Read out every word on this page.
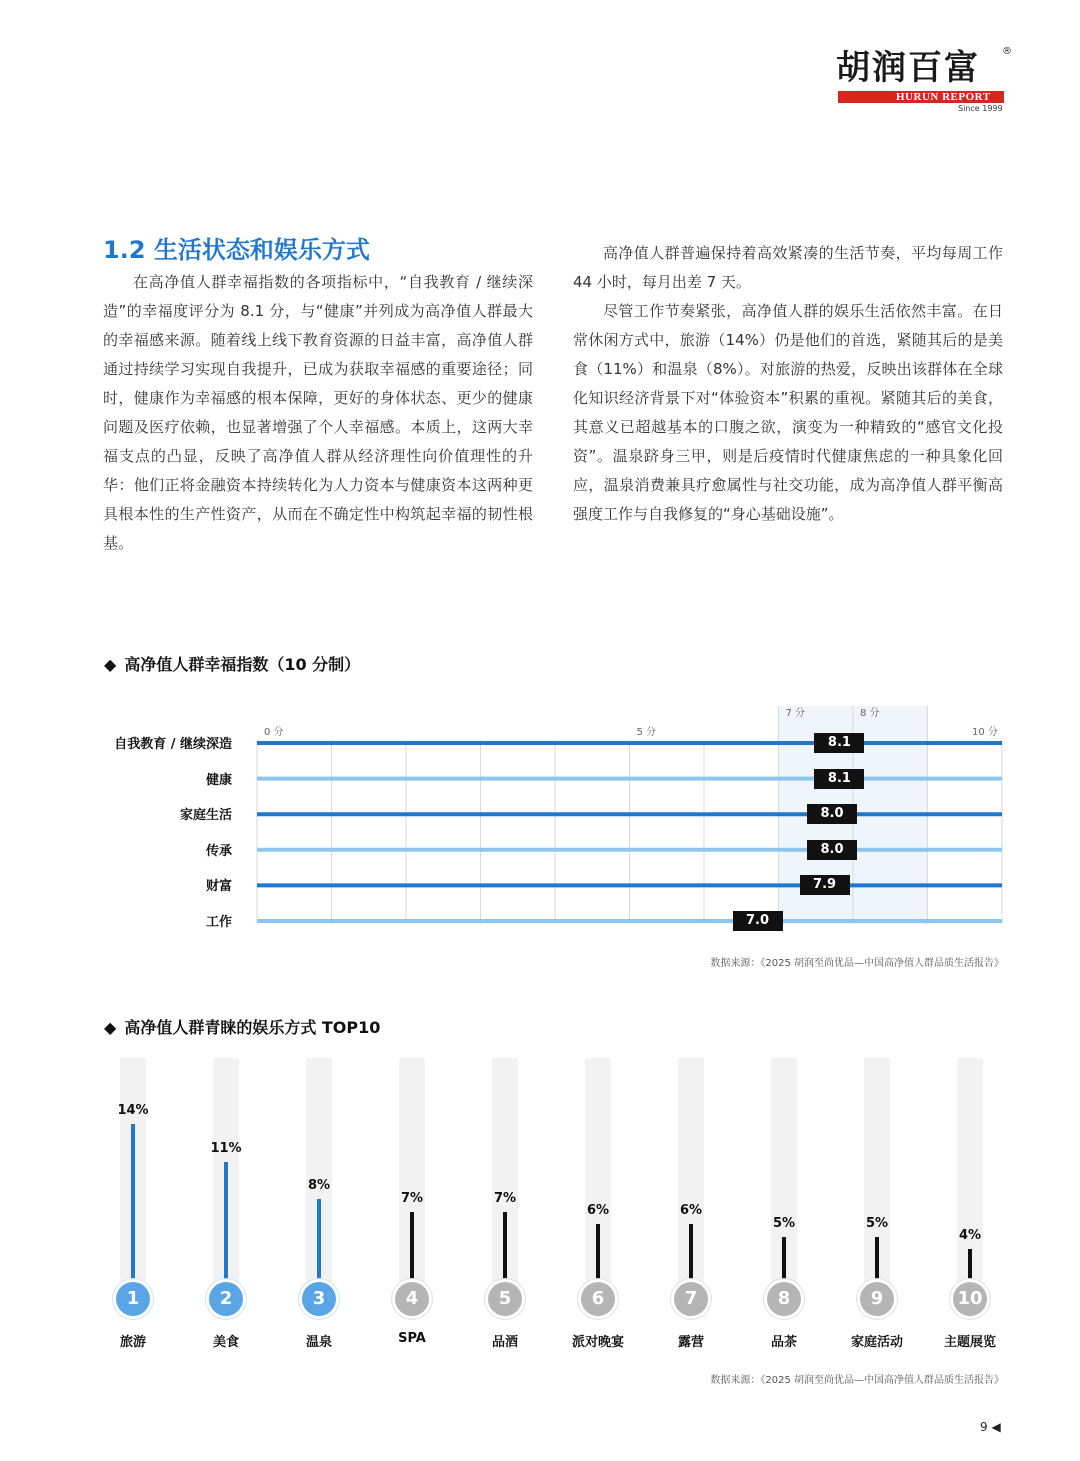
胡润百富 ®
HURUN REPORT
Since 1999
1.2 生活状态和娱乐方式

在高净值人群幸福指数的各项指标中，“自我教育 / 继续深造”的幸福度评分为 8.1 分，与“健康”并列成为高净值人群最大的幸福感来源。随着线上线下教育资源的日益丰富，高净值人群通过持续学习实现自我提升，已成为获取幸福感的重要途径；同时，健康作为幸福感的根本保障，更好的身体状态、更少的健康问题及医疗依赖，也显著增强了个人幸福感。本质上，这两大幸福支点的凸显，反映了高净值人群从经济理性向价值理性的升华：他们正将金融资本持续转化为人力资本与健康资本这两种更具根本性的生产性资产，从而在不确定性中构筑起幸福的韧性根基。

高净值人群普遍保持着高效紧凑的生活节奏，平均每周工作 44 小时，每月出差 7 天。

尽管工作节奏紧张，高净值人群的娱乐生活依然丰富。在日常休闲方式中，旅游（14%）仍是他们的首选，紧随其后的是美食（11%）和温泉（8%）。对旅游的热爱，反映出该群体在全球化知识经济背景下对“体验资本”积累的重视。紧随其后的美食，其意义已超越基本的口腹之欲，演变为一种精致的“感官文化投资”。温泉跻身三甲，则是后疫情时代健康焦虑的一种具象化回应，温泉消费兼具疗愈属性与社交功能，成为高净值人群平衡高强度工作与自我修复的“身心基础设施”。

◆ 高净值人群幸福指数（10 分制）
0 分	5 分
7 分	8 分
10 分
自我教育 / 继续深造	8.1
健康	8.1
家庭生活	8.0
传承	8.0
财富	7.9
工作	7.0
数据来源：《2025 胡润至尚优品—中国高净值人群品质生活报告》
◆ 高净值人群青睐的娱乐方式 TOP10
14%
1
旅游
11%
2
美食
8%
3
温泉
7%
4
SPA
7%
5
品酒
6%
6
派对晚宴
6%
7
露营
5%
8
品茶
5%
9
家庭活动
4%
10
主题展览
数据来源：《2025 胡润至尚优品—中国高净值人群品质生活报告》
9 ◀
